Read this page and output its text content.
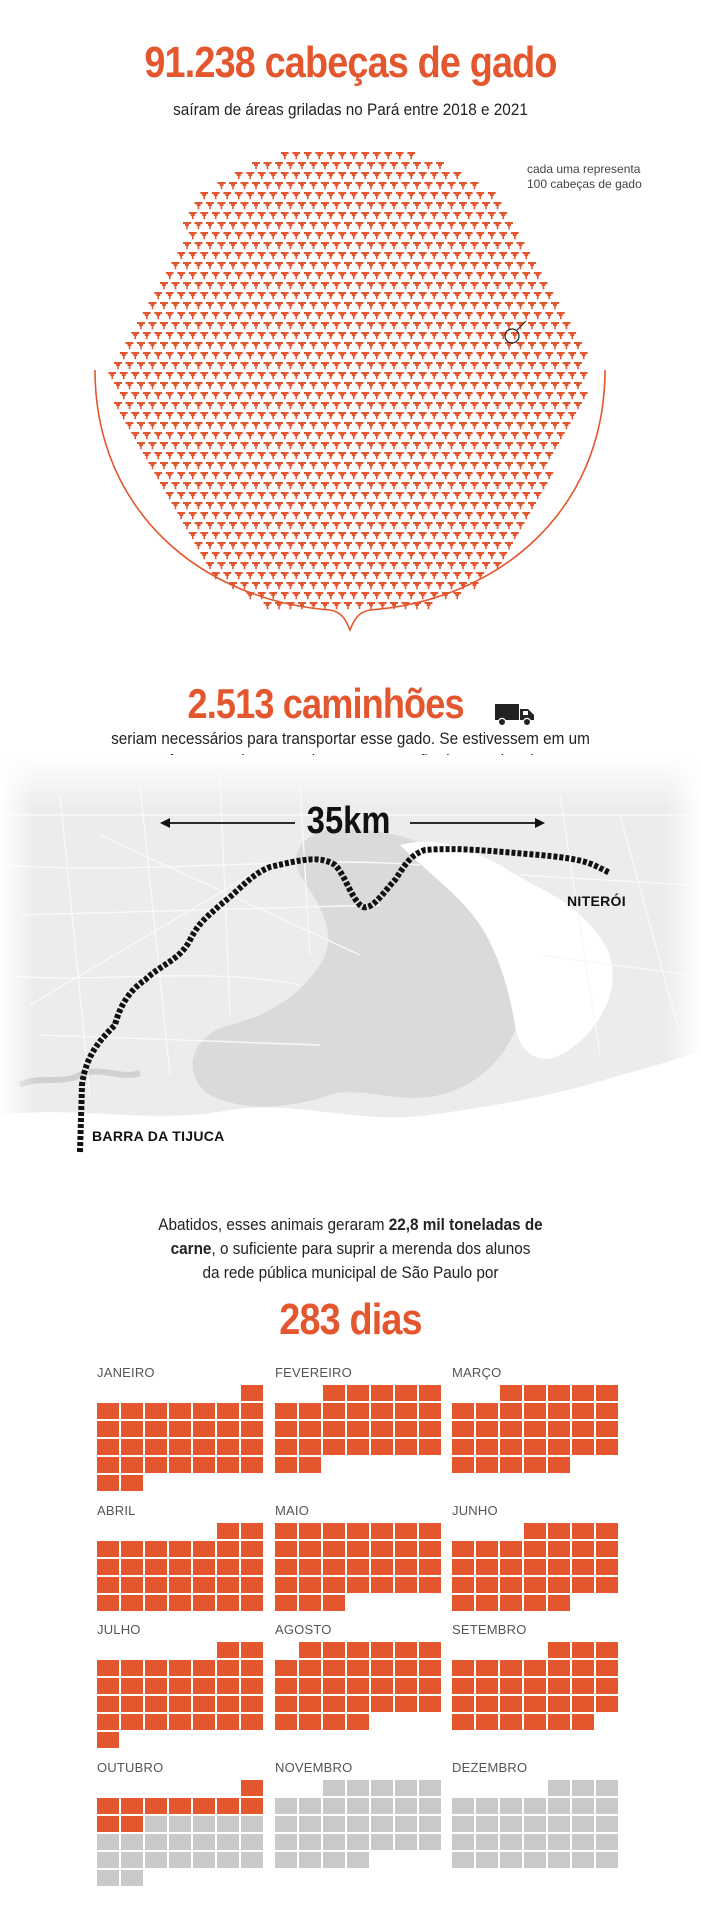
91.238 cabeças de gado
saíram de áreas griladas no Pará entre 2018 e 2021
cada uma representa
100 cabeças de gado
2.513 caminhões
seriam necessários para transportar esse gado. Se estivessem em um
35km
NITERÓI
BARRA DA TIJUCA
Abatidos, esses animais geraram 22,8 mil toneladas de
carne, o suficiente para suprir a merenda dos alunos
da rede pública municipal de São Paulo por
283 dias
JANEIRO	FEVEREIRO	MARÇO
ABRIL	MAIO	JUNHO
JULHO	AGOSTO	SETEMBRO
OUTUBRO	NOVEMBRO	DEZEMBRO
